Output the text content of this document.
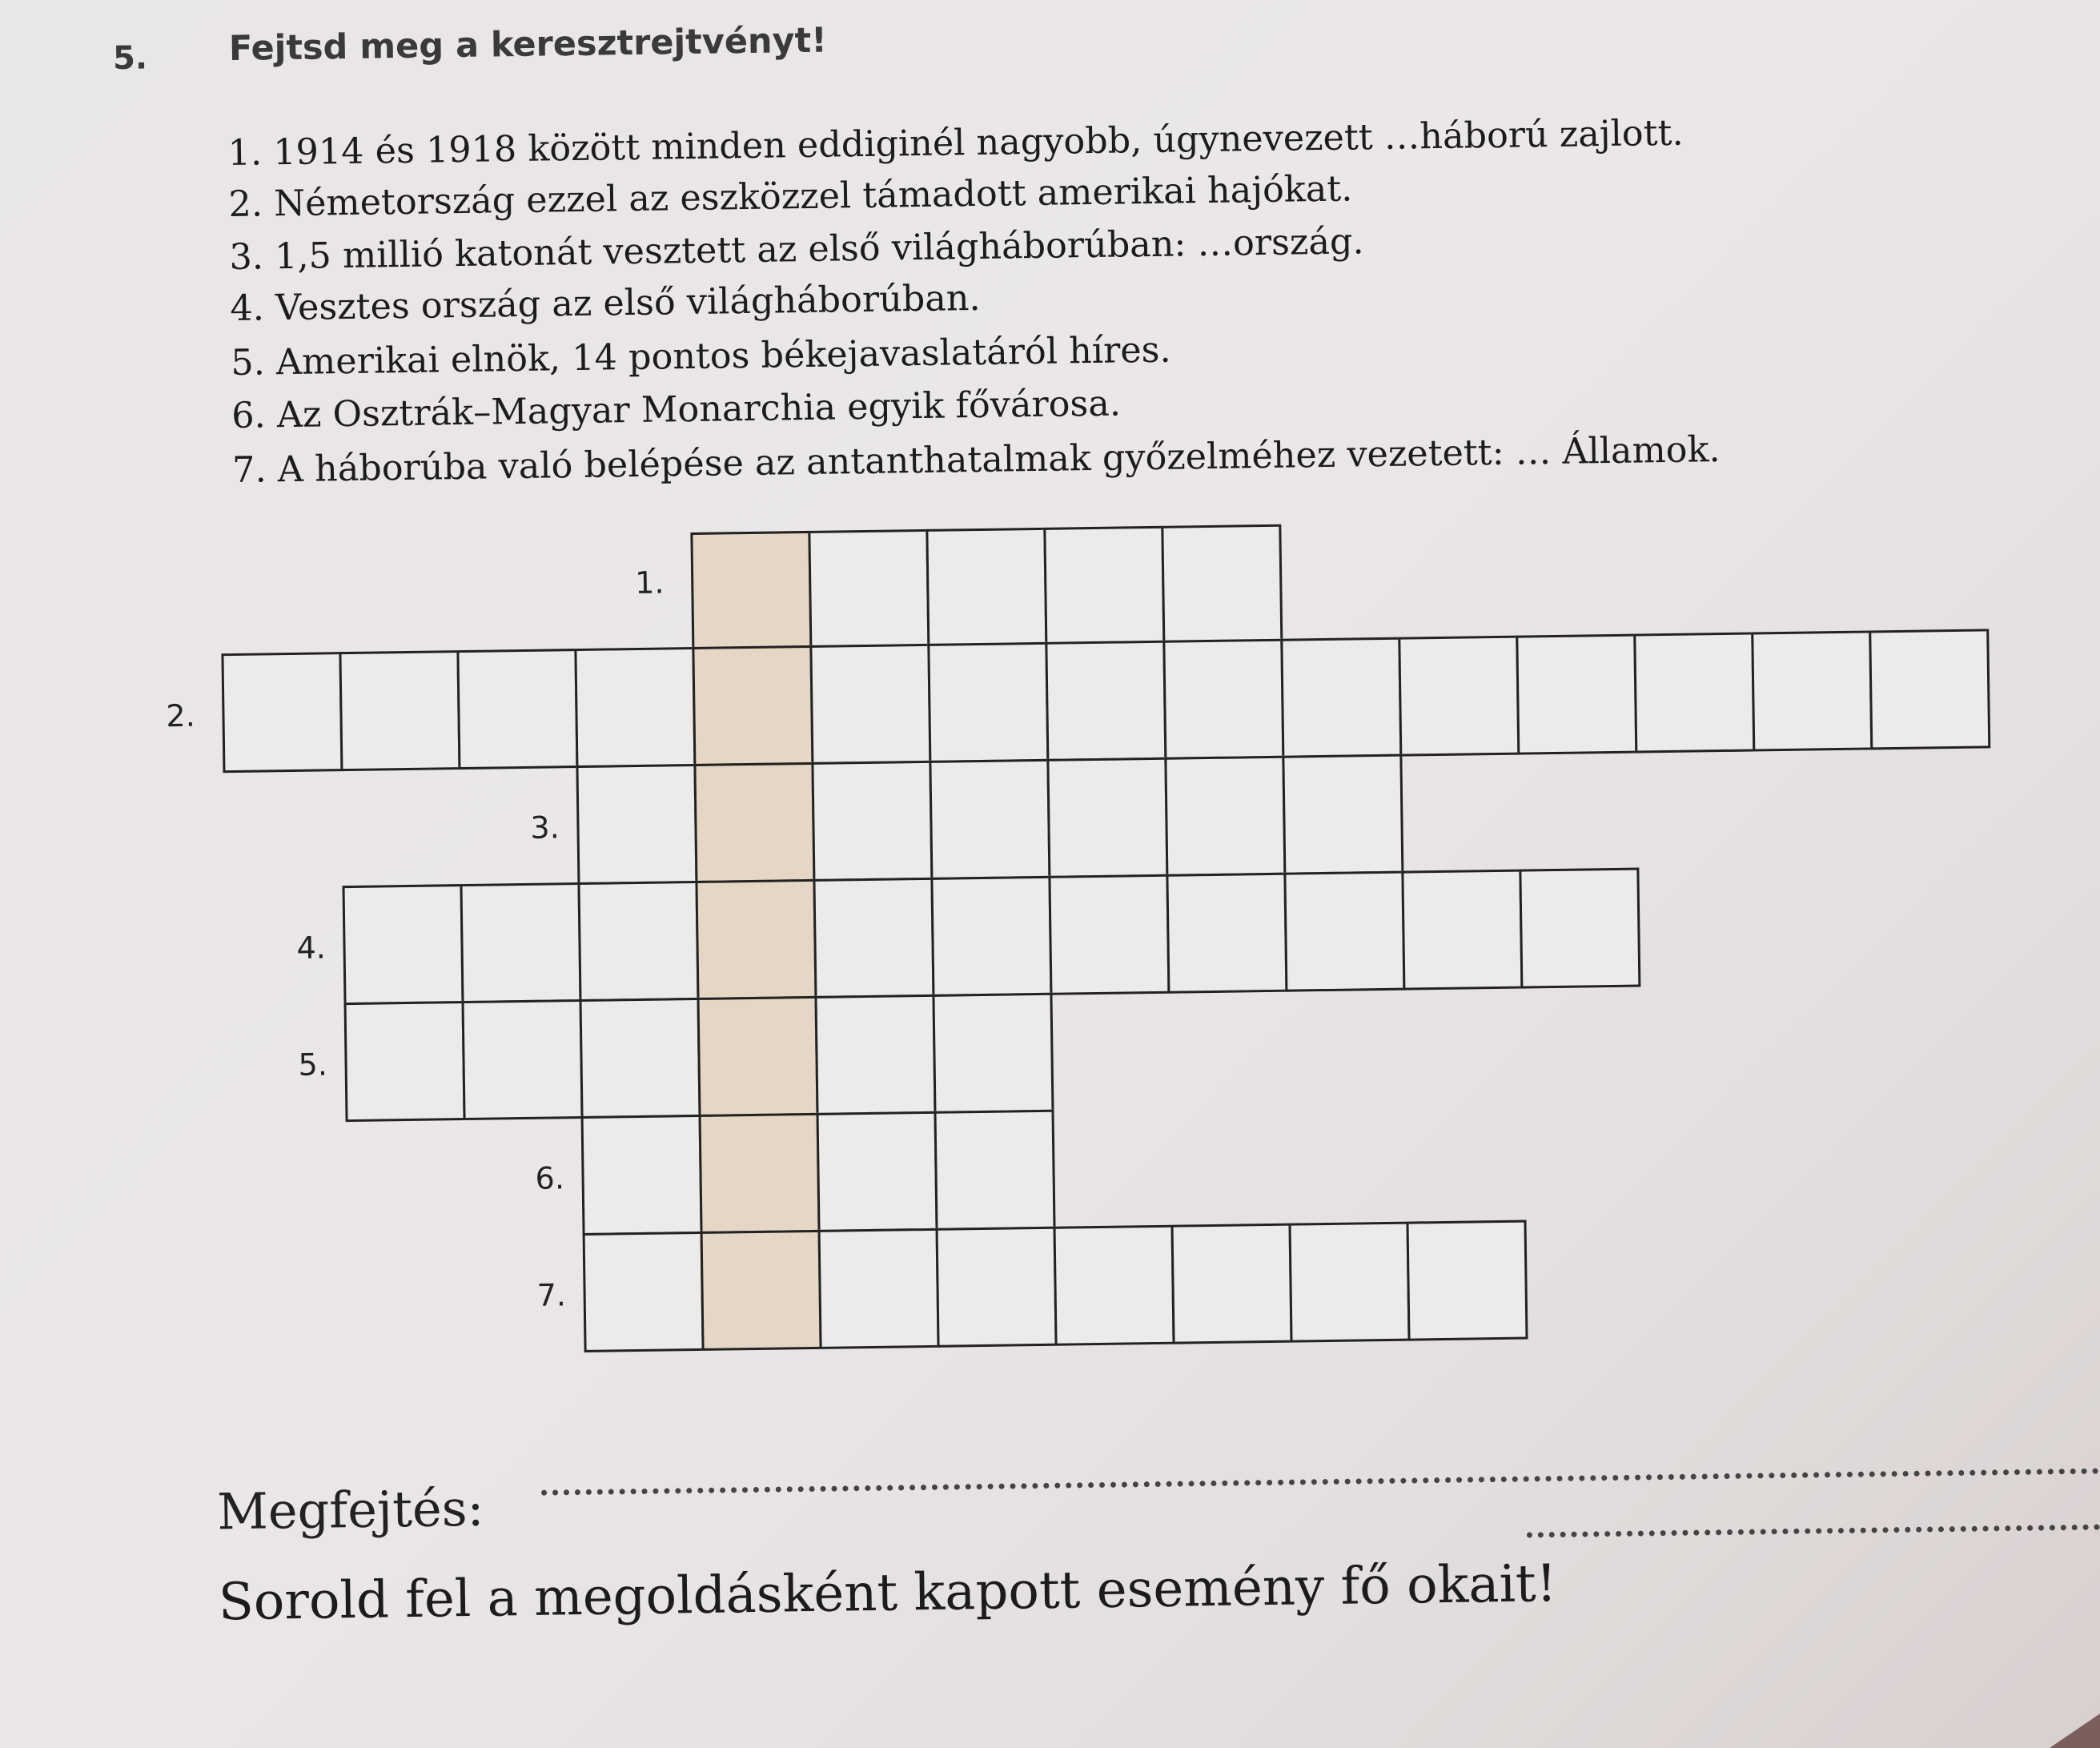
5. Fejtsd meg a keresztrejtvényt!
1. 1914 és 1918 között minden eddiginél nagyobb, úgynevezett …háború zajlott.
2. Németország ezzel az eszközzel támadott amerikai hajókat.
3. 1,5 millió katonát vesztett az első világháborúban: …ország.
4. Vesztes ország az első világháborúban.
5. Amerikai elnök, 14 pontos békejavaslatáról híres.
6. Az Osztrák–Magyar Monarchia egyik fővárosa.
7. A háborúba való belépése az antanthatalmak győzelméhez vezetett: … Államok.
1.
2.
3.
4.
5.
6.
7.
Megfejtés:
Sorold fel a megoldásként kapott esemény fő okait!
